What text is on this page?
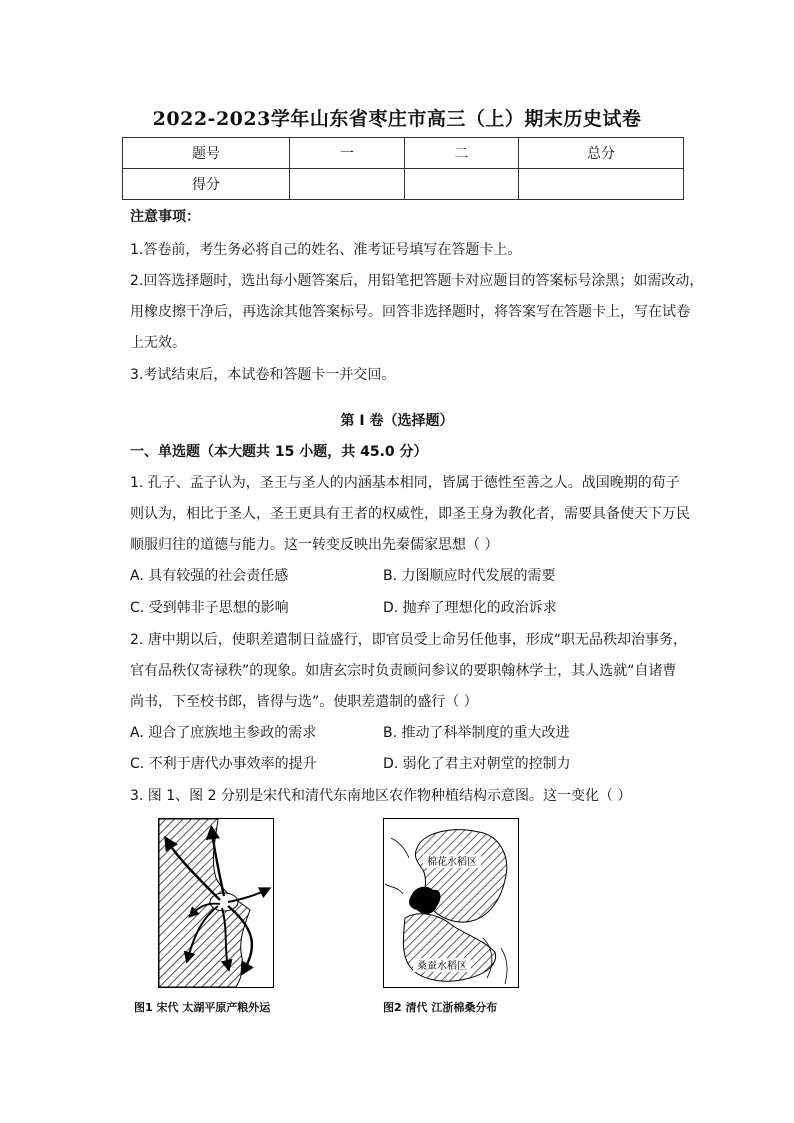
2022-2023学年山东省枣庄市高三（上）期末历史试卷
题号	一	二	总分
得分			
注意事项：
1.答卷前，考生务必将自己的姓名、准考证号填写在答题卡上。
2.回答选择题时，选出每小题答案后，用铅笔把答题卡对应题目的答案标号涂黑；如需改动，
用橡皮擦干净后，再选涂其他答案标号。回答非选择题时，将答案写在答题卡上，写在试卷
上无效。
3.考试结束后，本试卷和答题卡一并交回。
第 I 卷（选择题）
一、单选题（本大题共 15 小题，共 45.0 分）
1. 孔子、孟子认为，圣王与圣人的内涵基本相同，皆属于德性至善之人。战国晚期的荀子
则认为，相比于圣人，圣王更具有王者的权威性，即圣王身为教化者，需要具备使天下万民
顺服归往的道德与能力。这一转变反映出先秦儒家思想（ ）
A. 具有较强的社会责任感	B. 力图顺应时代发展的需要
C. 受到韩非子思想的影响	D. 抛弃了理想化的政治诉求
2. 唐中期以后，使职差遣制日益盛行，即官员受上命另任他事，形成“职无品秩却治事务，
官有品秩仅寄禄秩”的现象。如唐玄宗时负责顾问参议的要职翰林学士，其人选就“自诸曹
尚书，下至校书郎，皆得与选”。使职差遣制的盛行（ ）
A. 迎合了庶族地主参政的需求	B. 推动了科举制度的重大改进
C. 不利于唐代办事效率的提升	D. 弱化了君主对朝堂的控制力
3. 图 1、图 2 分别是宋代和清代东南地区农作物种植结构示意图。这一变化（ ）
图1 宋代 太湖平原产粮外运
棉花水稻区
桑蚕水稻区
图2 清代 江浙棉桑分布
